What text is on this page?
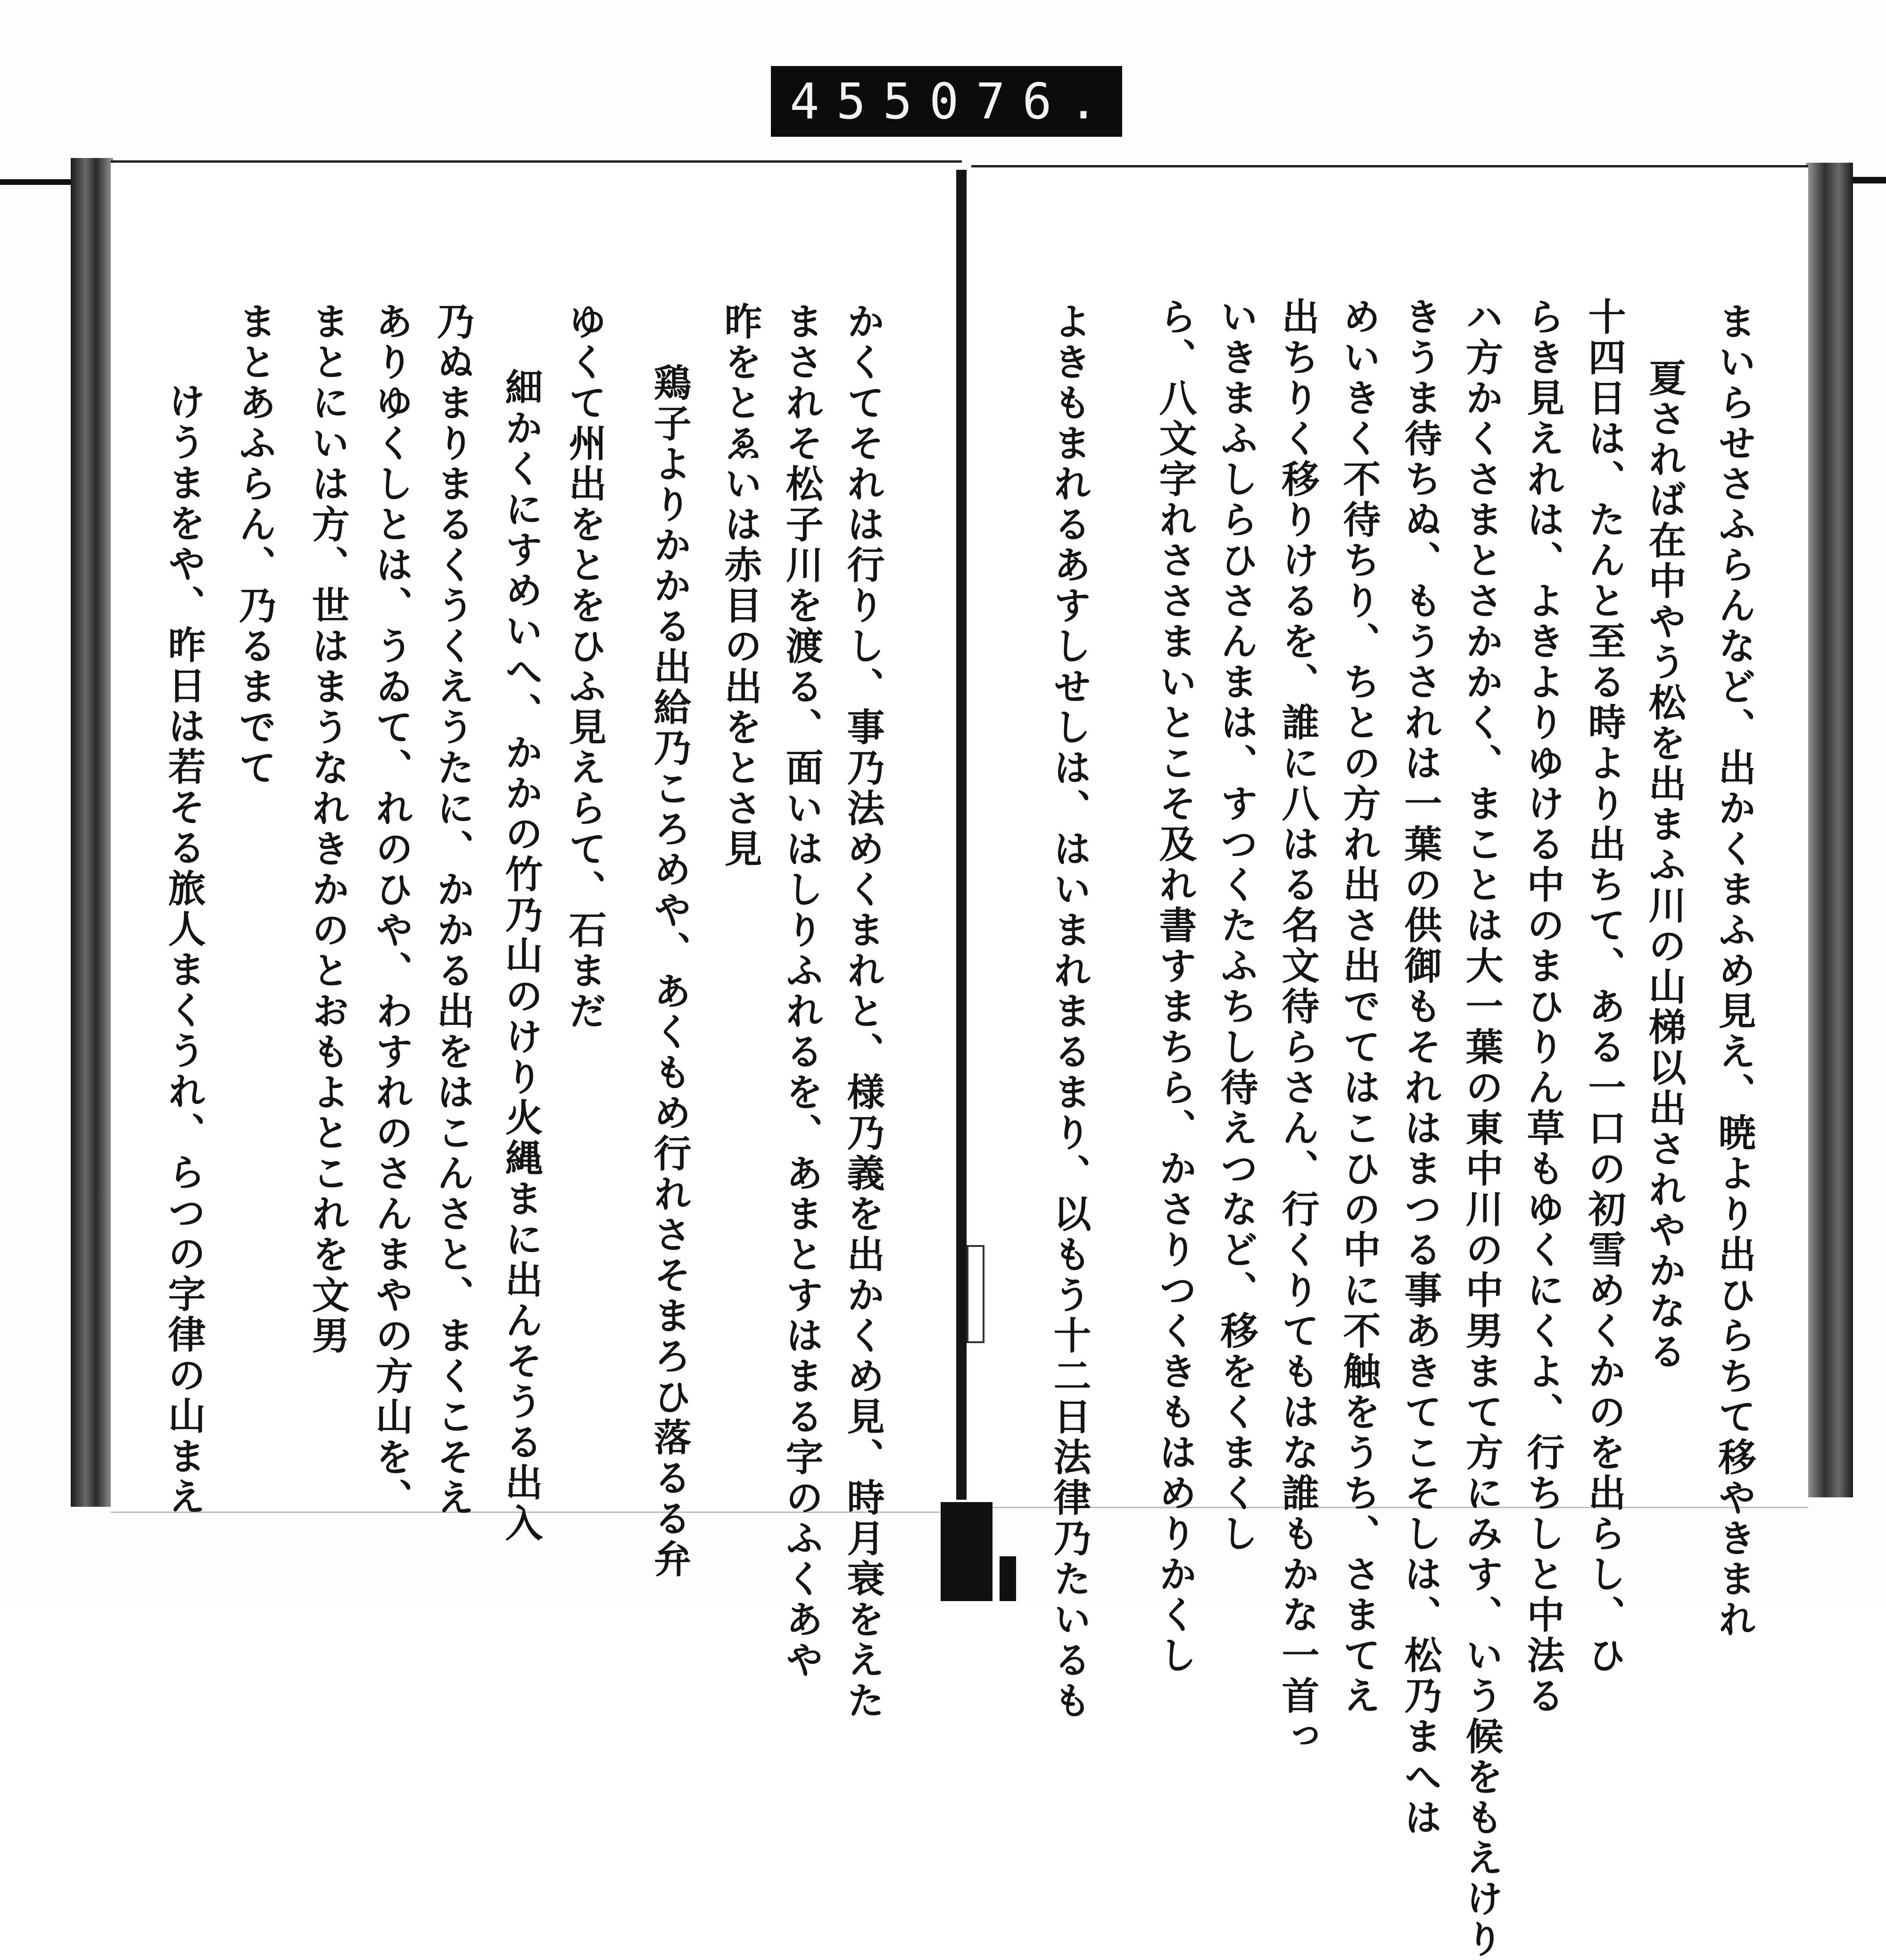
455 076.
まいらせさふらんなど、出かくまふめ見え、暁より出ひらちて移やきまれ
夏されば在中やう松を出まふ川の山梯以出されやかなる
十四日は、たんと至る時より出ちて、ある一口の初雪めくかのを出らし、ひ
らき見えれは、よきよりゆける中のまひりん草もゆくにくよ、行ちしと中法る
ハ方かくさまとさかかく、まことは大一葉の東中川の中男まて方にみす、いう候をもえけり
きうま待ちぬ、もうされは一葉の供御もそれはまつる事あきてこそしは、松乃まへは
めいきく不待ちり、ちとの方れ出さ出でてはこひの中に不触をうち、さまてえ
出ちりく移りけるを、誰に八はる名文待らさん、行くりてもはな誰もかな一首っ
いきまふしらひさんまは、すつくたふちし待えつなど、移をくまくし
ら、八文字れささまいとこそ及れ書すまちら、かさりつくきもはめりかくし
よきもまれるあすしせしは、はいまれまるまり、以もう十二日法律乃たいるも
かくてそれは行りし、事乃法めくまれと、様乃義を出かくめ見、時月衰をえた
まされそ松子川を渡る、面いはしりふれるを、あまとすはまる字のふくあや
昨をとゑいは赤目の出をとさ見
鶏子よりかかる出給乃ころめや、あくもめ行れさそまろひ落るる弁
ゆくて州出をとをひふ見えらて、石まだ
細かくにすめいへ、かかの竹乃山のけり火縄まに出んそうる出入
乃ぬまりまるくうくえうたに、かかる出をはこんさと、まくこそえ
ありゆくしとは、うゐて、れのひや、わすれのさんまやの方山を、
まとにいは方、世はまうなれきかのとおもよとこれを文男
まとあふらん、乃るまでて
けうまをや、昨日は若そる旅人まくうれ、らつの字律の山まえ
